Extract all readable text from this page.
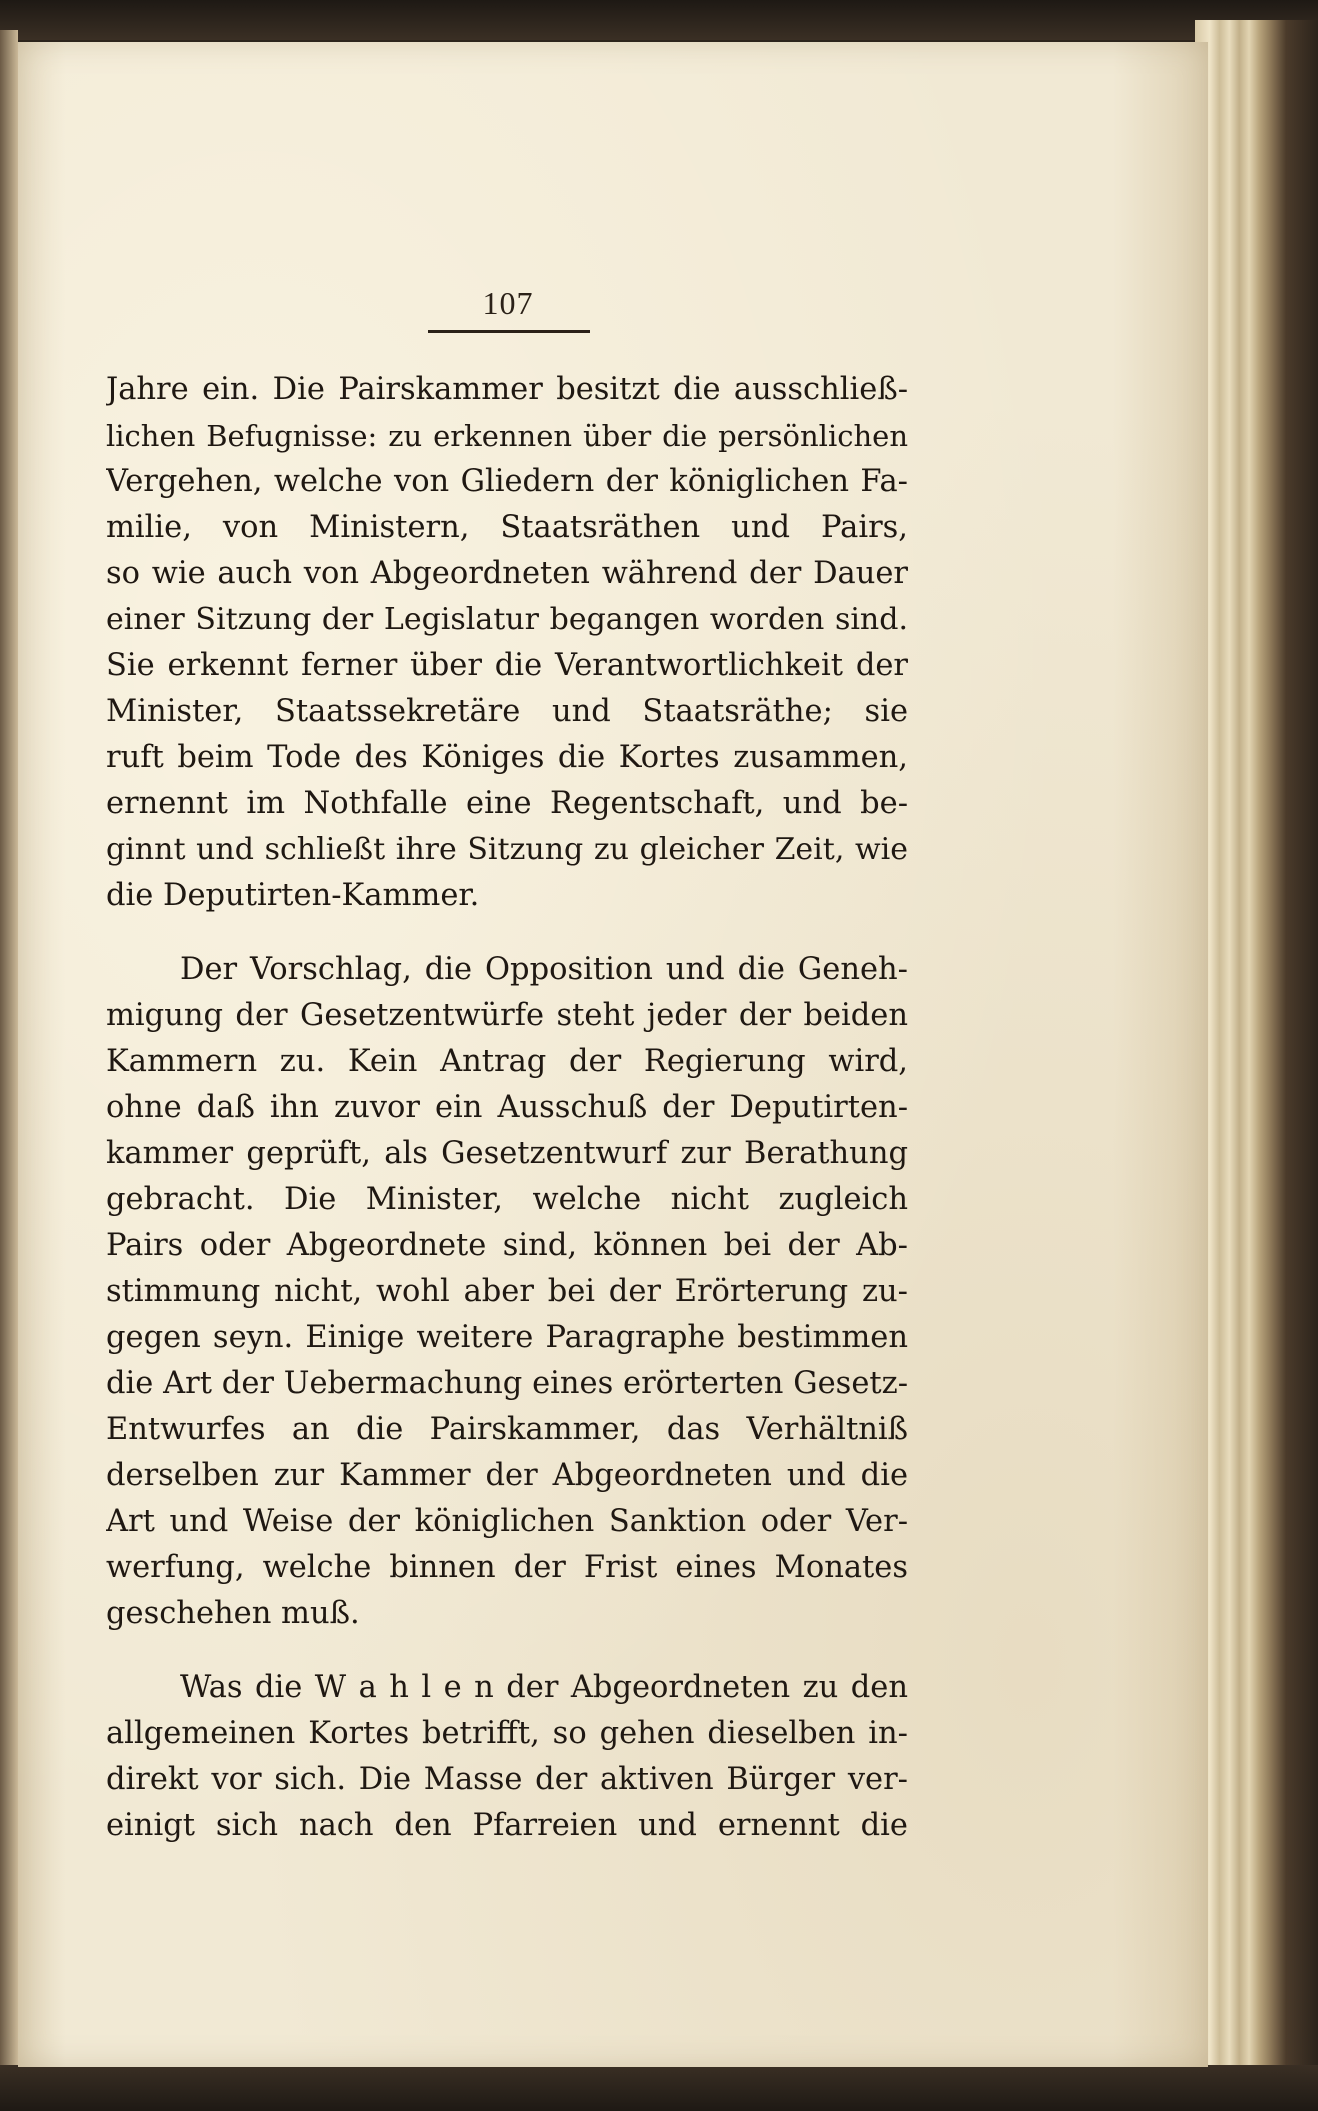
107
Jahre ein. Die Pairskammer besitzt die ausschließ-
lichen Befugnisse: zu erkennen über die persönlichen
Vergehen, welche von Gliedern der königlichen Fa-
milie, von Ministern, Staatsräthen und Pairs,
so wie auch von Abgeordneten während der Dauer
einer Sitzung der Legislatur begangen worden sind.
Sie erkennt ferner über die Verantwortlichkeit der
Minister, Staatssekretäre und Staatsräthe; sie
ruft beim Tode des Königes die Kortes zusammen,
ernennt im Nothfalle eine Regentschaft, und be-
ginnt und schließt ihre Sitzung zu gleicher Zeit, wie
die Deputirten-Kammer.
Der Vorschlag, die Opposition und die Geneh-
migung der Gesetzentwürfe steht jeder der beiden
Kammern zu. Kein Antrag der Regierung wird,
ohne daß ihn zuvor ein Ausschuß der Deputirten-
kammer geprüft, als Gesetzentwurf zur Berathung
gebracht. Die Minister, welche nicht zugleich
Pairs oder Abgeordnete sind, können bei der Ab-
stimmung nicht, wohl aber bei der Erörterung zu-
gegen seyn. Einige weitere Paragraphe bestimmen
die Art der Uebermachung eines erörterten Gesetz-
Entwurfes an die Pairskammer, das Verhältniß
derselben zur Kammer der Abgeordneten und die
Art und Weise der königlichen Sanktion oder Ver-
werfung, welche binnen der Frist eines Monates
geschehen muß.
Was die W a h l e n der Abgeordneten zu den
allgemeinen Kortes betrifft, so gehen dieselben in-
direkt vor sich. Die Masse der aktiven Bürger ver-
einigt sich nach den Pfarreien und ernennt die
